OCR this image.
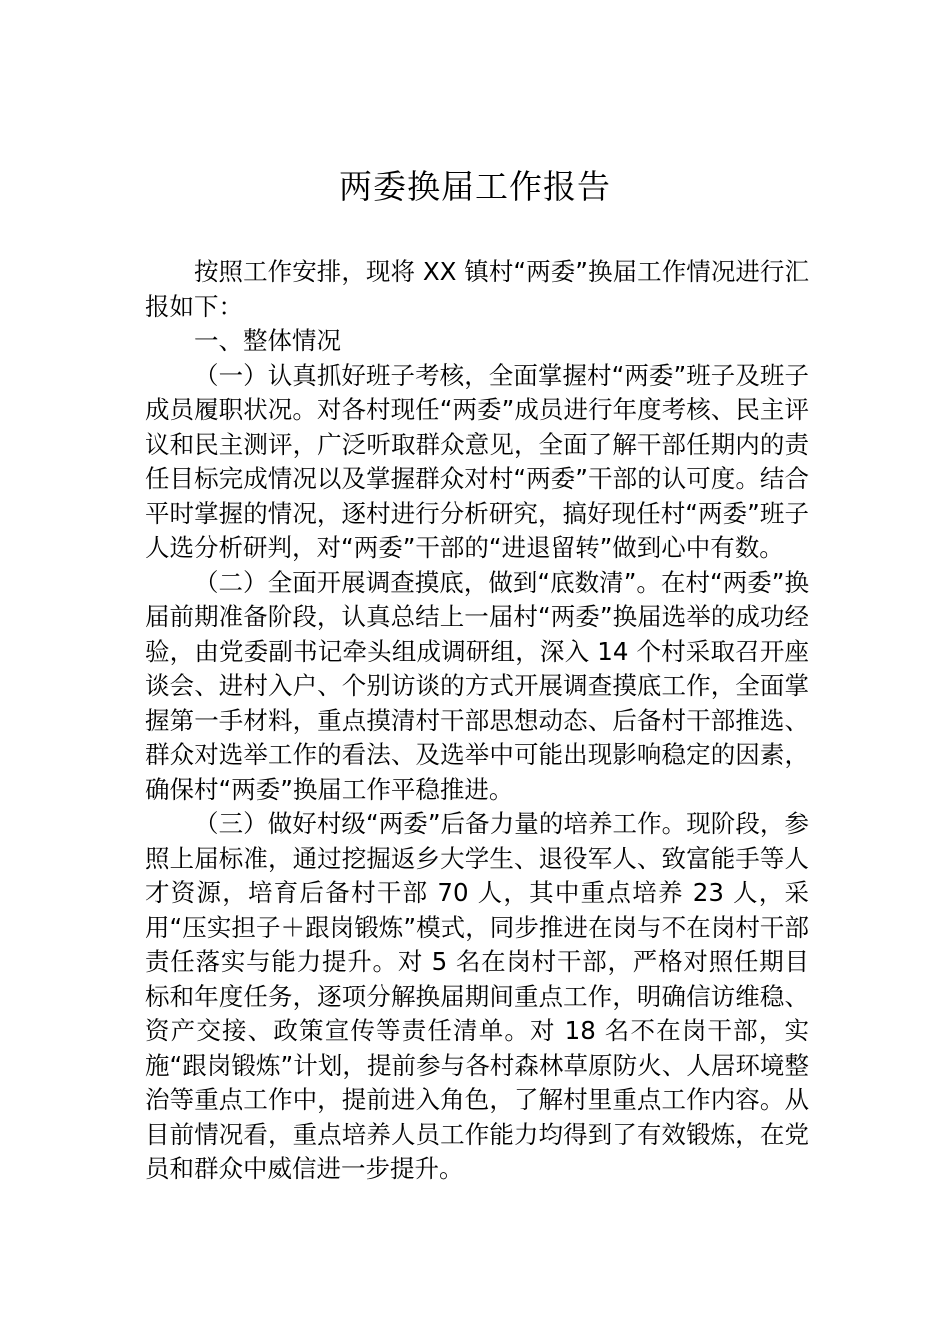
两委换届工作报告

按照工作安排，现将 XX 镇村“两委”换届工作情况进行汇报如下：

一、整体情况

（一）认真抓好班子考核，全面掌握村“两委”班子及班子成员履职状况。对各村现任“两委”成员进行年度考核、民主评议和民主测评，广泛听取群众意见，全面了解干部任期内的责任目标完成情况以及掌握群众对村“两委”干部的认可度。结合平时掌握的情况，逐村进行分析研究，搞好现任村“两委”班子人选分析研判，对“两委”干部的“进退留转”做到心中有数。

（二）全面开展调查摸底，做到“底数清”。在村“两委”换届前期准备阶段，认真总结上一届村“两委”换届选举的成功经验，由党委副书记牵头组成调研组，深入 14 个村采取召开座谈会、进村入户、个别访谈的方式开展调查摸底工作，全面掌握第一手材料，重点摸清村干部思想动态、后备村干部推选、群众对选举工作的看法、及选举中可能出现影响稳定的因素，确保村“两委”换届工作平稳推进。

（三）做好村级“两委”后备力量的培养工作。现阶段，参照上届标准，通过挖掘返乡大学生、退役军人、致富能手等人才资源，培育后备村干部 70 人，其中重点培养 23 人，采用“压实担子＋跟岗锻炼”模式，同步推进在岗与不在岗村干部责任落实与能力提升。对 5 名在岗村干部，严格对照任期目标和年度任务，逐项分解换届期间重点工作，明确信访维稳、资产交接、政策宣传等责任清单。对 18 名不在岗干部，实施“跟岗锻炼”计划，提前参与各村森林草原防火、人居环境整治等重点工作中，提前进入角色，了解村里重点工作内容。从目前情况看，重点培养人员工作能力均得到了有效锻炼，在党员和群众中威信进一步提升。
